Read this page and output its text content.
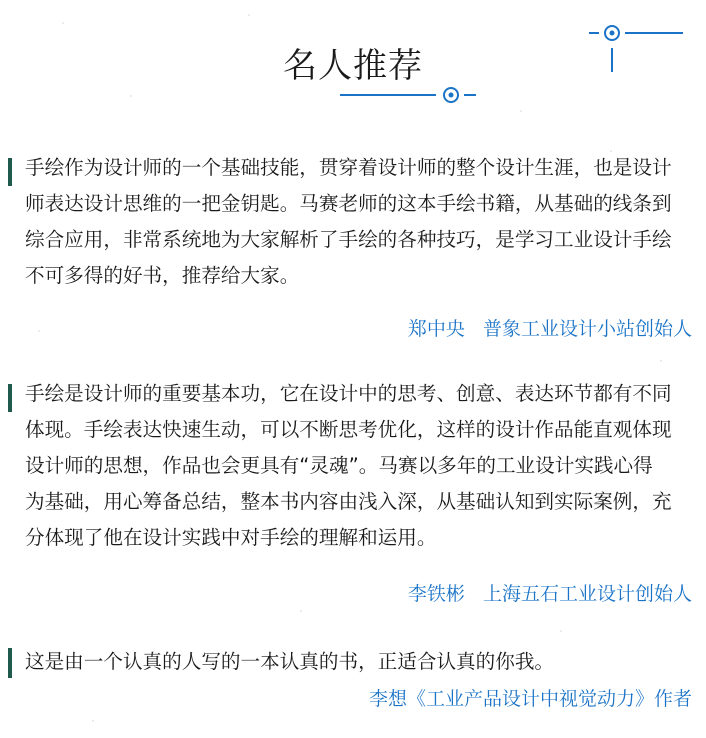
名人推荐
手绘作为设计师的一个基础技能，贯穿着设计师的整个设计生涯，也是设计
师表达设计思维的一把金钥匙。马赛老师的这本手绘书籍，从基础的线条到
综合应用，非常系统地为大家解析了手绘的各种技巧，是学习工业设计手绘
不可多得的好书，推荐给大家。
郑中央   普象工业设计小站创始人
手绘是设计师的重要基本功，它在设计中的思考、创意、表达环节都有不同
体现。手绘表达快速生动，可以不断思考优化，这样的设计作品能直观体现
设计师的思想，作品也会更具有“灵魂”。马赛以多年的工业设计实践心得
为基础，用心筹备总结，整本书内容由浅入深，从基础认知到实际案例，充
分体现了他在设计实践中对手绘的理解和运用。
李铁彬   上海五石工业设计创始人
这是由一个认真的人写的一本认真的书，正适合认真的你我。
李想《工业产品设计中视觉动力》作者
